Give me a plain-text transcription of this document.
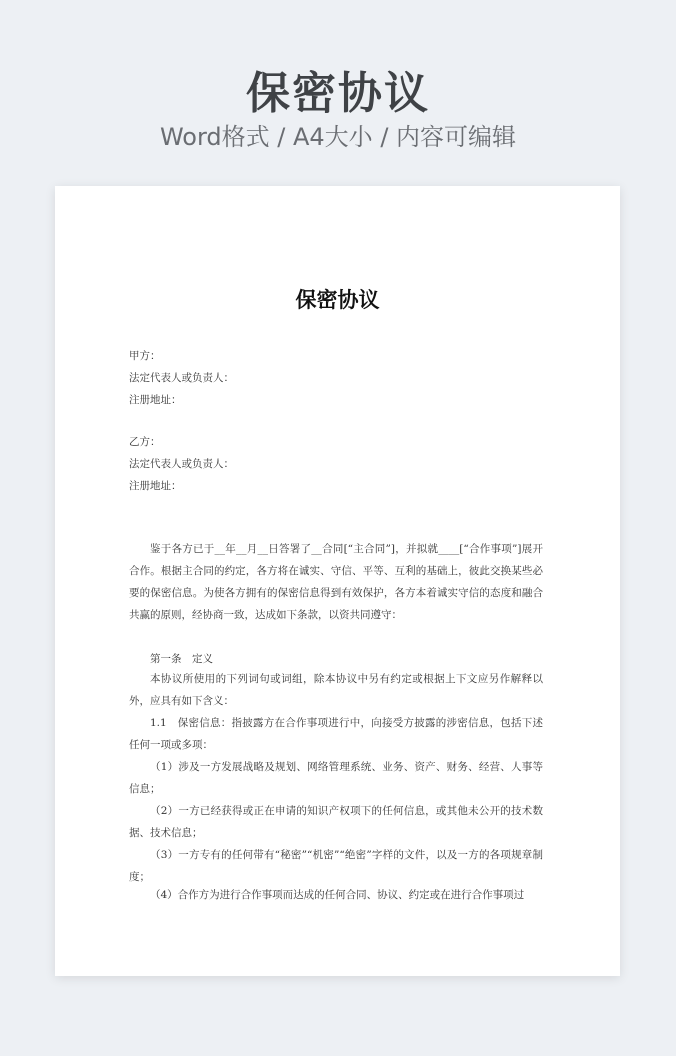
保密协议
Word格式 / A4大小 / 内容可编辑
保密协议
甲方：
法定代表人或负责人：
注册地址：
乙方：
法定代表人或负责人：
注册地址：
鉴于各方已于__年__月__日答署了__合同[“主合同”]，并拟就____[“合作事项”]展开合作。根据主合同的约定，各方将在诚实、守信、平等、互利的基础上，彼此交换某些必要的保密信息。为使各方拥有的保密信息得到有效保护，各方本着诚实守信的态度和融合共赢的原则，经协商一致，达成如下条款，以资共同遵守：
第一条　定义
本协议所使用的下列词句或词组，除本协议中另有约定或根据上下文应另作解释以外，应具有如下含义：
1.1　保密信息：指披露方在合作事项进行中，向接受方披露的涉密信息，包括下述任何一项或多项：
（1）涉及一方发展战略及规划、网络管理系统、业务、资产、财务、经营、人事等信息；
（2）一方已经获得或正在申请的知识产权项下的任何信息，或其他未公开的技术数据、技术信息；
（3）一方专有的任何带有“秘密”“机密”“绝密”字样的文件，以及一方的各项规章制度；
（4）合作方为进行合作事项而达成的任何合同、协议、约定或在进行合作事项过
